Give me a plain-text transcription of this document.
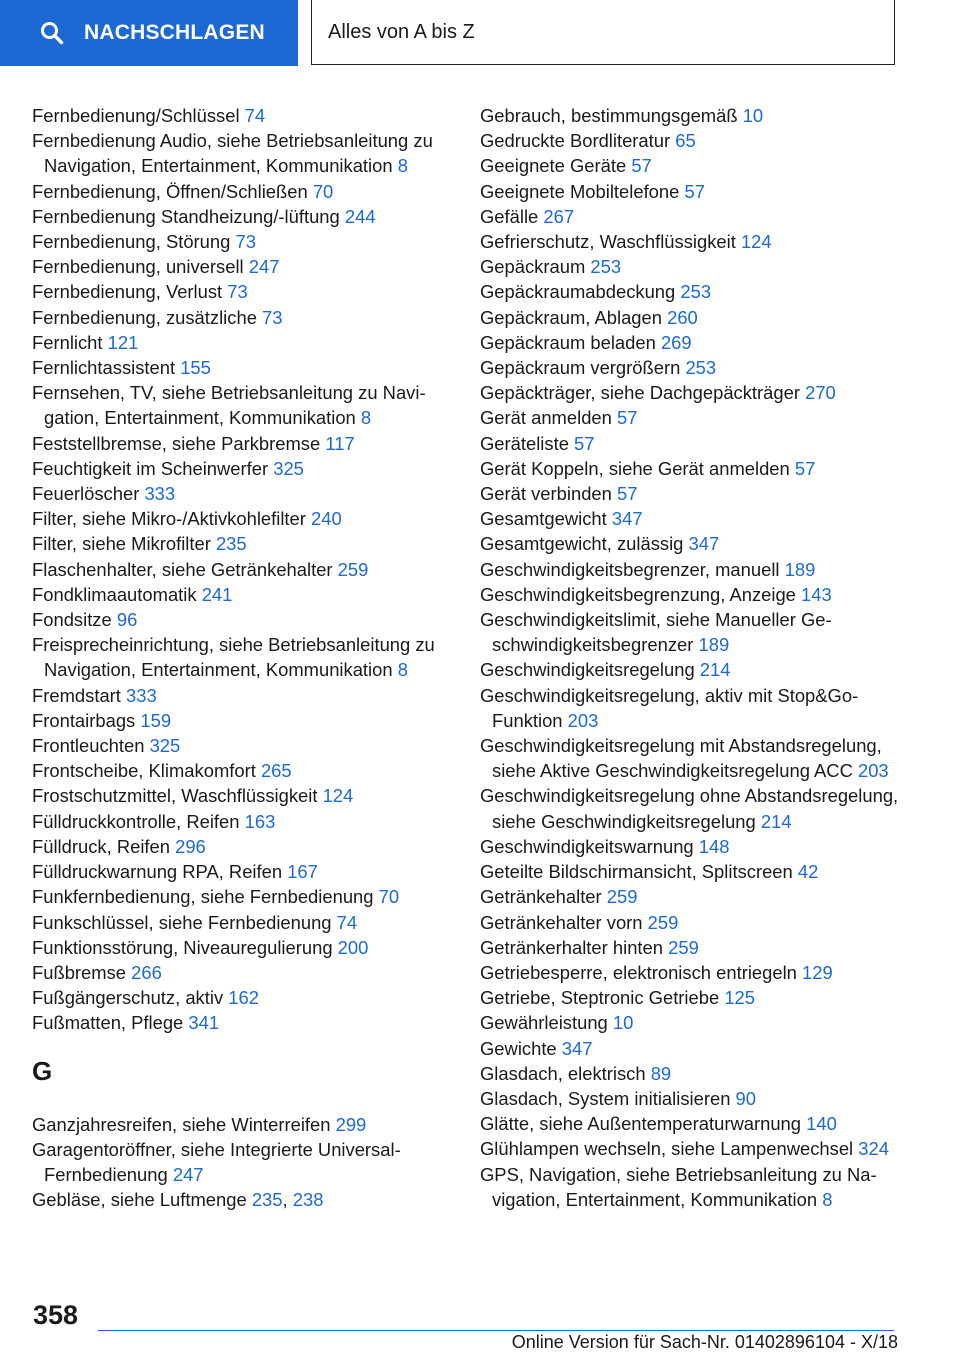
NACHSCHLAGEN	Alles von A bis Z
Fernbedienung/Schlüssel 74
Fernbedienung Audio, siehe Betriebsanleitung zu Navigation, Entertainment, Kommunikation 8
Fernbedienung, Öffnen/Schließen 70
Fernbedienung Standheizung/-lüftung 244
Fernbedienung, Störung 73
Fernbedienung, universell 247
Fernbedienung, Verlust 73
Fernbedienung, zusätzliche 73
Fernlicht 121
Fernlichtassistent 155
Fernsehen, TV, siehe Betriebsanleitung zu Navigation, Entertainment, Kommunikation 8
Feststellbremse, siehe Parkbremse 117
Feuchtigkeit im Scheinwerfer 325
Feuerlöscher 333
Filter, siehe Mikro-/Aktivkohlefilter 240
Filter, siehe Mikrofilter 235
Flaschenhalter, siehe Getränkehalter 259
Fondklimaautomatik 241
Fondsitze 96
Freisprecheinrichtung, siehe Betriebsanleitung zu Navigation, Entertainment, Kommunikation 8
Fremdstart 333
Frontairbags 159
Frontleuchten 325
Frontscheibe, Klimakomfort 265
Frostschutzmittel, Waschflüssigkeit 124
Fülldruckkontrolle, Reifen 163
Fülldruck, Reifen 296
Fülldruckwarnung RPA, Reifen 167
Funkfernbedienung, siehe Fernbedienung 70
Funkschlüssel, siehe Fernbedienung 74
Funktionsstörung, Niveauregulierung 200
Fußbremse 266
Fußgängerschutz, aktiv 162
Fußmatten, Pflege 341
G
Ganzjahresreifen, siehe Winterreifen 299
Garagentoröffner, siehe Integrierte Universal-Fernbedienung 247
Gebläse, siehe Luftmenge 235, 238
Gebrauch, bestimmungsgemäß 10
Gedruckte Bordliteratur 65
Geeignete Geräte 57
Geeignete Mobiltelefone 57
Gefälle 267
Gefrierschutz, Waschflüssigkeit 124
Gepäckraum 253
Gepäckraumabdeckung 253
Gepäckraum, Ablagen 260
Gepäckraum beladen 269
Gepäckraum vergrößern 253
Gepäckträger, siehe Dachgepäckträger 270
Gerät anmelden 57
Geräteliste 57
Gerät Koppeln, siehe Gerät anmelden 57
Gerät verbinden 57
Gesamtgewicht 347
Gesamtgewicht, zulässig 347
Geschwindigkeitsbegrenzer, manuell 189
Geschwindigkeitsbegrenzung, Anzeige 143
Geschwindigkeitslimit, siehe Manueller Geschwindigkeitsbegrenzer 189
Geschwindigkeitsregelung 214
Geschwindigkeitsregelung, aktiv mit Stop&Go-Funktion 203
Geschwindigkeitsregelung mit Abstandsregelung, siehe Aktive Geschwindigkeitsregelung ACC 203
Geschwindigkeitsregelung ohne Abstandsregelung, siehe Geschwindigkeitsregelung 214
Geschwindigkeitswarnung 148
Geteilte Bildschirmansicht, Splitscreen 42
Getränkehalter 259
Getränkehalter vorn 259
Getränkerhalter hinten 259
Getriebesperre, elektronisch entriegeln 129
Getriebe, Steptronic Getriebe 125
Gewährleistung 10
Gewichte 347
Glasdach, elektrisch 89
Glasdach, System initialisieren 90
Glätte, siehe Außentemperaturwarnung 140
Glühlampen wechseln, siehe Lampenwechsel 324
GPS, Navigation, siehe Betriebsanleitung zu Navigation, Entertainment, Kommunikation 8
358
Online Version für Sach-Nr. 01402896104 - X/18
